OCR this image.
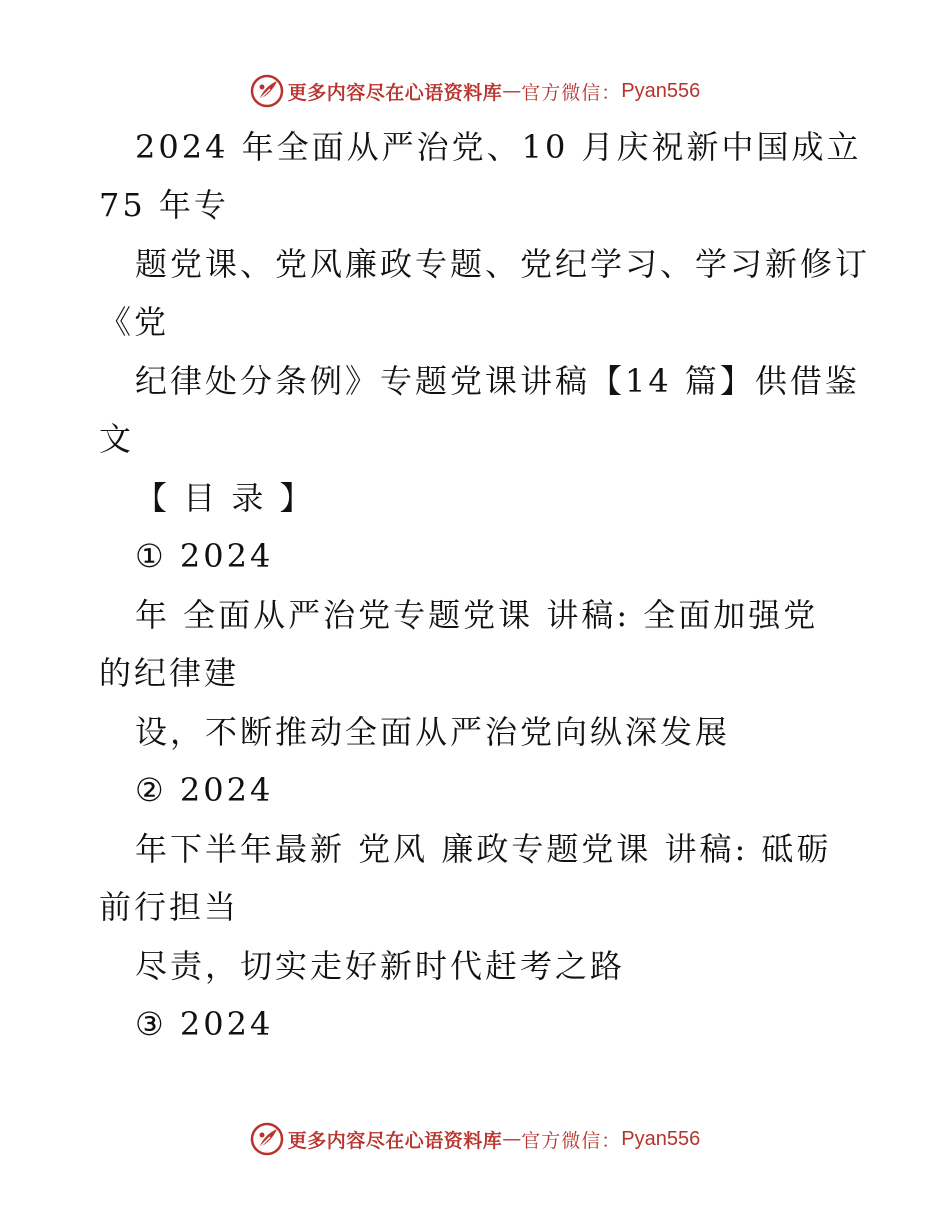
更多内容尽在心语资料库 — 官方微信： Pyan556
2024 年全面从严治党、10 月庆祝新中国成立
75 年专
题党课、党风廉政专题、党纪学习、学习新修订
《党
纪律处分条例》专题党课讲稿【14 篇】供借鉴
文
【 目 录 】
① 2024
年 全面从严治党专题党课 讲稿: 全面加强党
的纪律建
设，不断推动全面从严治党向纵深发展
② 2024
年下半年最新 党风 廉政专题党课 讲稿: 砥砺
前行担当
尽责，切实走好新时代赶考之路
③ 2024
更多内容尽在心语资料库 — 官方微信： Pyan556
